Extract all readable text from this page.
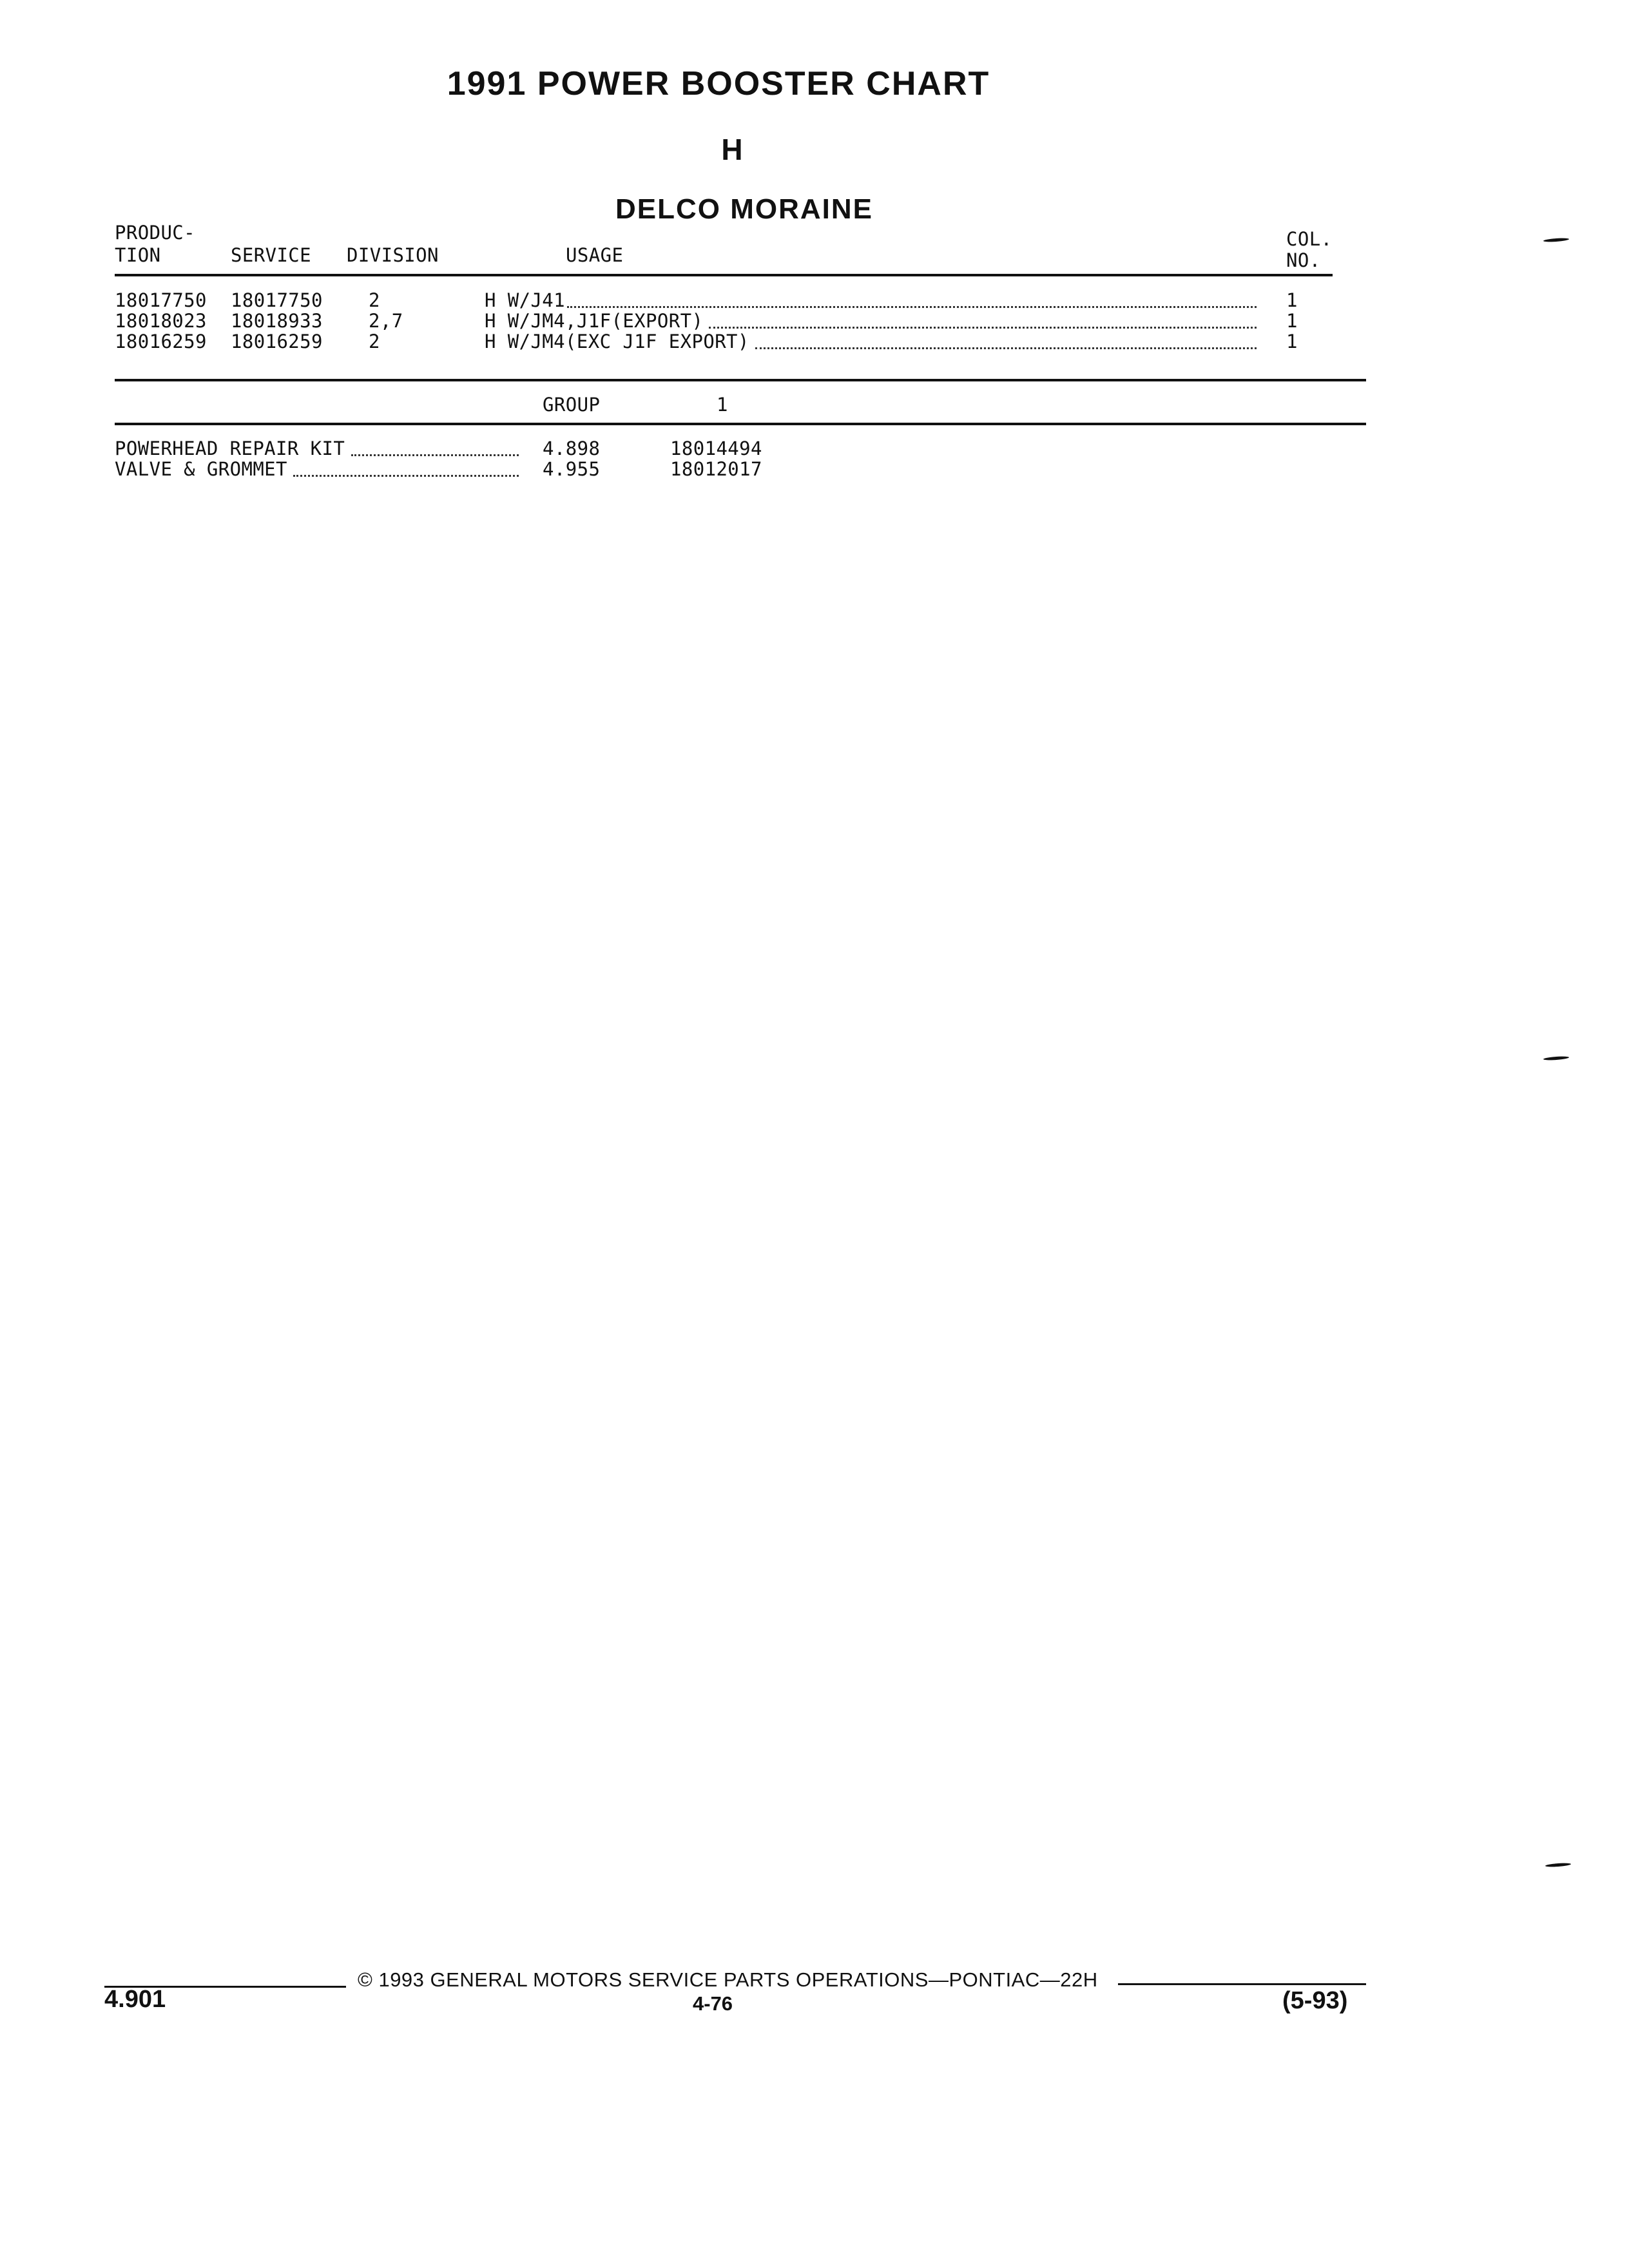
1991 POWER BOOSTER CHART
H
DELCO MORAINE
PRODUC-
TION	SERVICE DIVISION	USAGE
COL.
NO.
18017750 18017750 2	H W/J41	1
18018023 18018933 2,7	H W/JM4,J1F(EXPORT)	1
18016259 18016259 2	H W/JM4(EXC J1F EXPORT)	1
GROUP	1
POWERHEAD REPAIR KIT	4.898	18014494
VALVE & GROMMET	4.955	18012017
© 1993 GENERAL MOTORS SERVICE PARTS OPERATIONS—PONTIAC—22H
4.901	4-76	(5-93)
